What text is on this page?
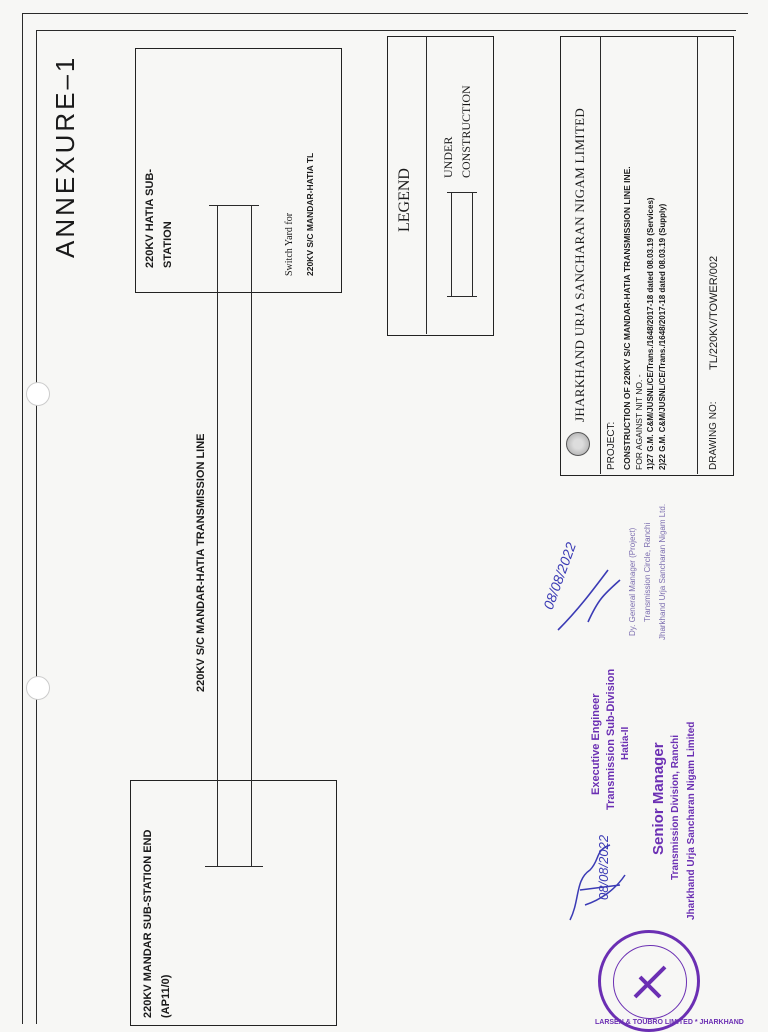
ANNEXURE–1	220KV HATIA SUB- STATION	Switch Yard for 220KV S/C MANDAR-HATIA TL
220KV MANDAR SUB-STATION END (AP11/0)
220KV S/C MANDAR-HATIA TRANSMISSION LINE
LEGEND
UNDER CONSTRUCTION	JHARKHAND URJA SANCHARAN NIGAM LIMITED
PROJECT: CONSTRUCTION OF 220KV S/C MANDAR-HATIA TRANSMISSION LINE INE. FOR AGAINST NIT NO. - 1)27 G.M. C&M/JUSNL/CE/Trans./1648/2017-18 dated 08.03.19 (Services) 2)22 G.M. C&M/JUSNL/CE/Trans./1648/2017-18 dated 08.03.19 (Supply)	DRAWING NO:
TL/220KV/TOWER/002
Dy. General Manager (Project) Transmission Circle, Ranchi Jharkhand Urja Sancharan Nigam Ltd.
08/08/2022
Executive Engineer Transmission Sub-Division Hatia-II Senior Manager Transmission Division, Ranchi Jharkhand Urja Sancharan Nigam Limited
08/08/2022
LARSEN & TOUBRO LIMITED * JHARKHAND
